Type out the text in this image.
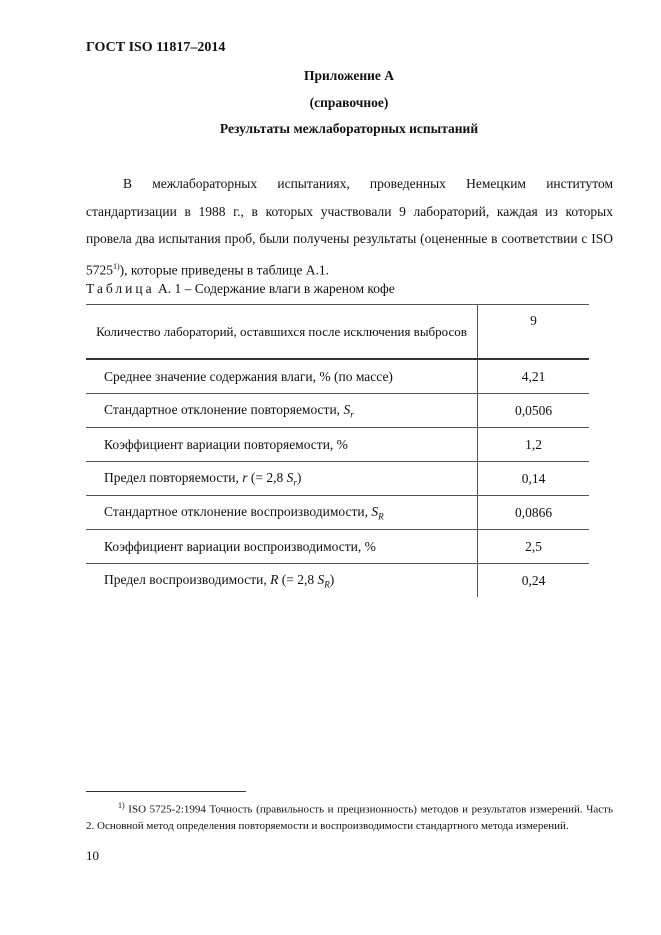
ГОСТ ISO 11817–2014
Приложение А
(справочное)
Результаты межлабораторных испытаний

В межлабораторных испытаниях, проведенных Немецким институтом стандартизации в 1988 г., в которых участвовали 9 лабораторий, каждая из которых провела два испытания проб, были получены результаты (оцененные в соответствии с ISO 5725$^{1)}$), которые приведены в таблице А.1.

Таблица А. 1 – Содержание влаги в жареном кофе
Количество лабораторий, оставшихся после исключения выбросов	9
Среднее значение содержания влаги, % (по массе)	4,21
Стандартное отклонение повторяемости, $S_r$	0,0506
Коэффициент вариации повторяемости, %	1,2
Предел повторяемости, r (= 2,8 $S_r$)	0,14
Стандартное отклонение воспроизводимости, $S_R$	0,0866
Коэффициент вариации воспроизводимости, %	2,5
Предел воспроизводимости, R (= 2,8 $S_R$)	0,24

$^{1)}$ ISO 5725-2:1994 Точность (правильность и прецизионность) методов и результатов измерений. Часть 2. Основной метод определения повторяемости и воспроизводимости стандартного метода измерений.

10
